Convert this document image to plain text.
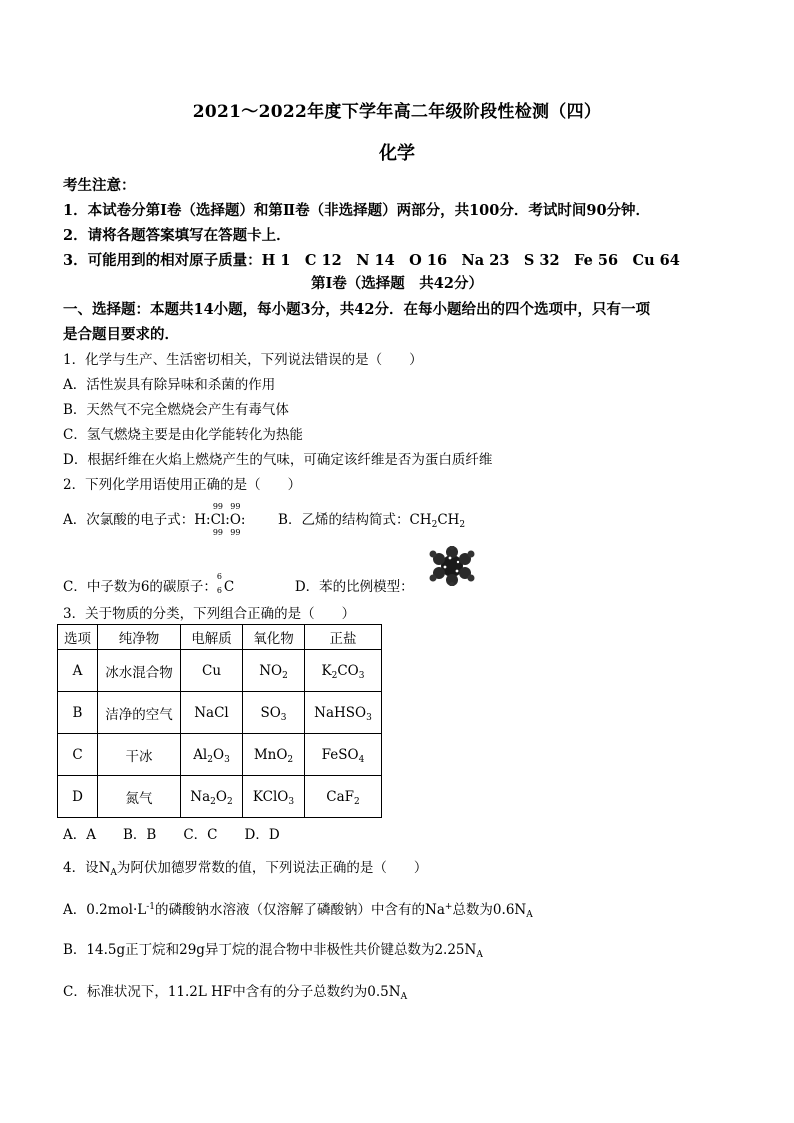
2021～2022年度下学年高二年级阶段性检测（四）
化学
考生注意：
1．本试卷分第Ⅰ卷（选择题）和第Ⅱ卷（非选择题）两部分，共100分．考试时间90分钟．
2．请将各题答案填写在答题卡上．
3．可能用到的相对原子质量：H 1　C 12　N 14　O 16　Na 23　S 32　Fe 56　Cu 64
第Ⅰ卷（选择题　共42分）
一、选择题：本题共14小题，每小题3分，共42分．在每小题给出的四个选项中，只有一项
是合题目要求的．
1．化学与生产、生活密切相关，下列说法错误的是（　　）
A．活性炭具有除异味和杀菌的作用
B．天然气不完全燃烧会产生有毒气体
C．氢气燃烧主要是由化学能转化为热能
D．根据纤维在火焰上燃烧产生的气味，可确定该纤维是否为蛋白质纤维
2．下列化学用语使用正确的是（　　）
A．次氯酸的电子式：H:
99
Cl
99
:
99
O
99
: B．乙烯的结构简式：$CH_2CH_2$
C．中子数为6的碳原子：
6
6 C	D．苯的比例模型：
3．关于物质的分类，下列组合正确的是（　　）
选项	纯净物	电解质	氧化物	正盐
A	冰水混合物	Cu	$NO_2$	$K_2CO_3$
B	洁净的空气	NaCl	$SO_3$	NaHSO$_3$
C	干冰	$Al_2O_3$	MnO$_2$	FeSO$_4$
D	氮气	$Na_2O_2$	KClO$_3$	CaF$_2$
A．A　　B．B　　C．C　　D．D
4．设$N_A$为阿伏加德罗常数的值，下列说法正确的是（　　）
A．$0.2mol\cdot L^{-1}$的磷酸钠水溶液（仅溶解了磷酸钠）中含有的Na+总数为$0.6N_A$
B．14.5g正丁烷和29g异丁烷的混合物中非极性共价键总数为$2.25N_A$
C．标准状况下，11.2L HF中含有的分子总数约为$0.5N_A$
